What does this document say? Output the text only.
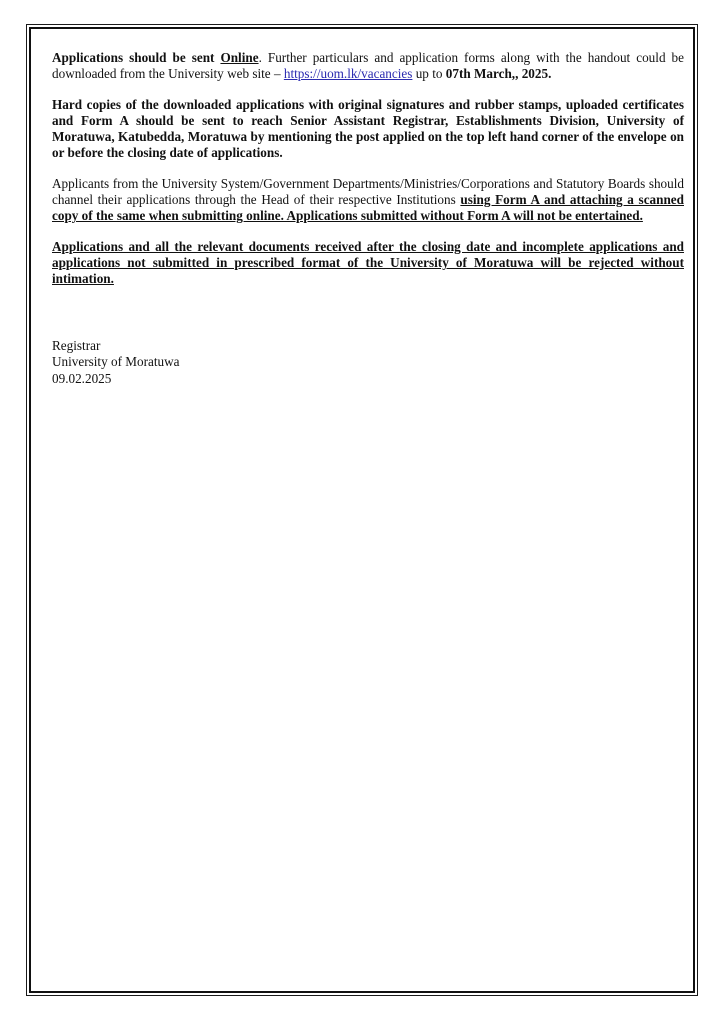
Applications should be sent Online. Further particulars and application forms along with the handout could be downloaded from the University web site – https://uom.lk/vacancies up to 07th March,, 2025.

Hard copies of the downloaded applications with original signatures and rubber stamps, uploaded certificates and Form A should be sent to reach Senior Assistant Registrar, Establishments Division, University of Moratuwa, Katubedda, Moratuwa by mentioning the post applied on the top left hand corner of the envelope on or before the closing date of applications.

Applicants from the University System/Government Departments/Ministries/Corporations and Statutory Boards should channel their applications through the Head of their respective Institutions using Form A and attaching a scanned copy of the same when submitting online. Applications submitted without Form A will not be entertained.

Applications and all the relevant documents received after the closing date and incomplete applications and applications not submitted in prescribed format of the University of Moratuwa will be rejected without intimation.

Registrar
University of Moratuwa
09.02.2025
